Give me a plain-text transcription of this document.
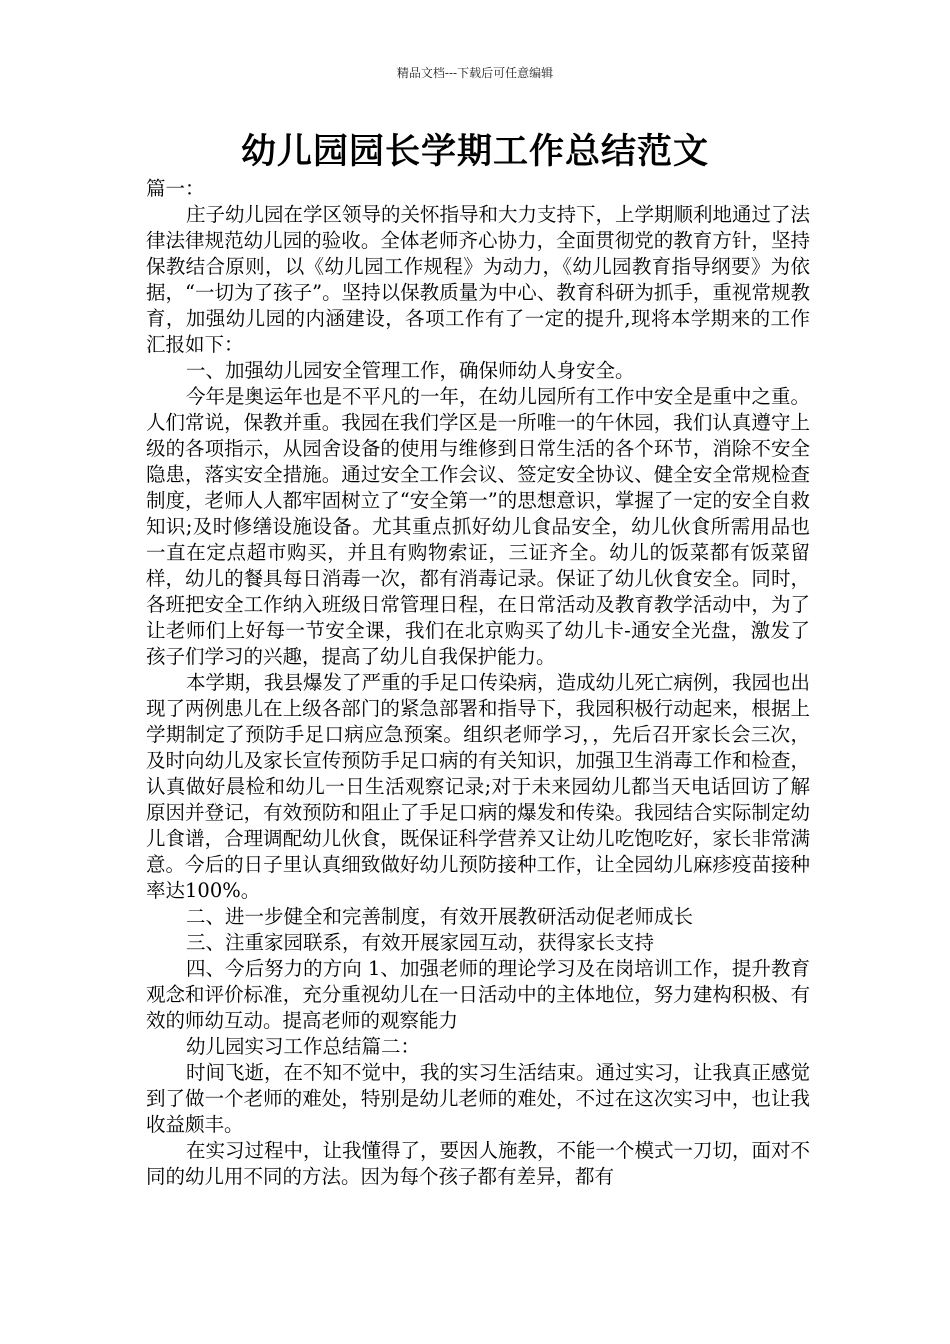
精品文档---下载后可任意编辑
幼儿园园长学期工作总结范文

篇一：

庄子幼儿园在学区领导的关怀指导和大力支持下，上学期顺利地通过了法律法律规范幼儿园的验收。全体老师齐心协力，全面贯彻党的教育方针，坚持保教结合原则，以《幼儿园工作规程》为动力，《幼儿园教育指导纲要》为依据，“一切为了孩子”。坚持以保教质量为中心、教育科研为抓手，重视常规教育，加强幼儿园的内涵建设，各项工作有了一定的提升,现将本学期来的工作汇报如下：

一、加强幼儿园安全管理工作，确保师幼人身安全。

今年是奥运年也是不平凡的一年，在幼儿园所有工作中安全是重中之重。人们常说，保教并重。我园在我们学区是一所唯一的午休园，我们认真遵守上级的各项指示，从园舍设备的使用与维修到日常生活的各个环节，消除不安全隐患，落实安全措施。通过安全工作会议、签定安全协议、健全安全常规检查制度，老师人人都牢固树立了“安全第一”的思想意识，掌握了一定的安全自救知识;及时修缮设施设备。尤其重点抓好幼儿食品安全，幼儿伙食所需用品也一直在定点超市购买，并且有购物索证，三证齐全。幼儿的饭菜都有饭菜留样，幼儿的餐具每日消毒一次，都有消毒记录。保证了幼儿伙食安全。同时，各班把安全工作纳入班级日常管理日程，在日常活动及教育教学活动中，为了让老师们上好每一节安全课，我们在北京购买了幼儿卡-通安全光盘，激发了孩子们学习的兴趣，提高了幼儿自我保护能力。

本学期，我县爆发了严重的手足口传染病，造成幼儿死亡病例，我园也出现了两例患儿在上级各部门的紧急部署和指导下，我园积极行动起来，根据上学期制定了预防手足口病应急预案。组织老师学习，，先后召开家长会三次，及时向幼儿及家长宣传预防手足口病的有关知识，加强卫生消毒工作和检查，认真做好晨检和幼儿一日生活观察记录;对于未来园幼儿都当天电话回访了解原因并登记，有效预防和阻止了手足口病的爆发和传染。我园结合实际制定幼儿食谱，合理调配幼儿伙食，既保证科学营养又让幼儿吃饱吃好，家长非常满意。今后的日子里认真细致做好幼儿预防接种工作，让全园幼儿麻疹疫苗接种率达100%。

二、进一步健全和完善制度，有效开展教研活动促老师成长

三、注重家园联系，有效开展家园互动，获得家长支持

四、今后努力的方向 1、加强老师的理论学习及在岗培训工作，提升教育观念和评价标准，充分重视幼儿在一日活动中的主体地位，努力建构积极、有效的师幼互动。提高老师的观察能力

幼儿园实习工作总结篇二：

时间飞逝，在不知不觉中，我的实习生活结束。通过实习，让我真正感觉到了做一个老师的难处，特别是幼儿老师的难处，不过在这次实习中，也让我收益颇丰。

在实习过程中，让我懂得了，要因人施教，不能一个模式一刀切，面对不同的幼儿用不同的方法。因为每个孩子都有差异，都有
